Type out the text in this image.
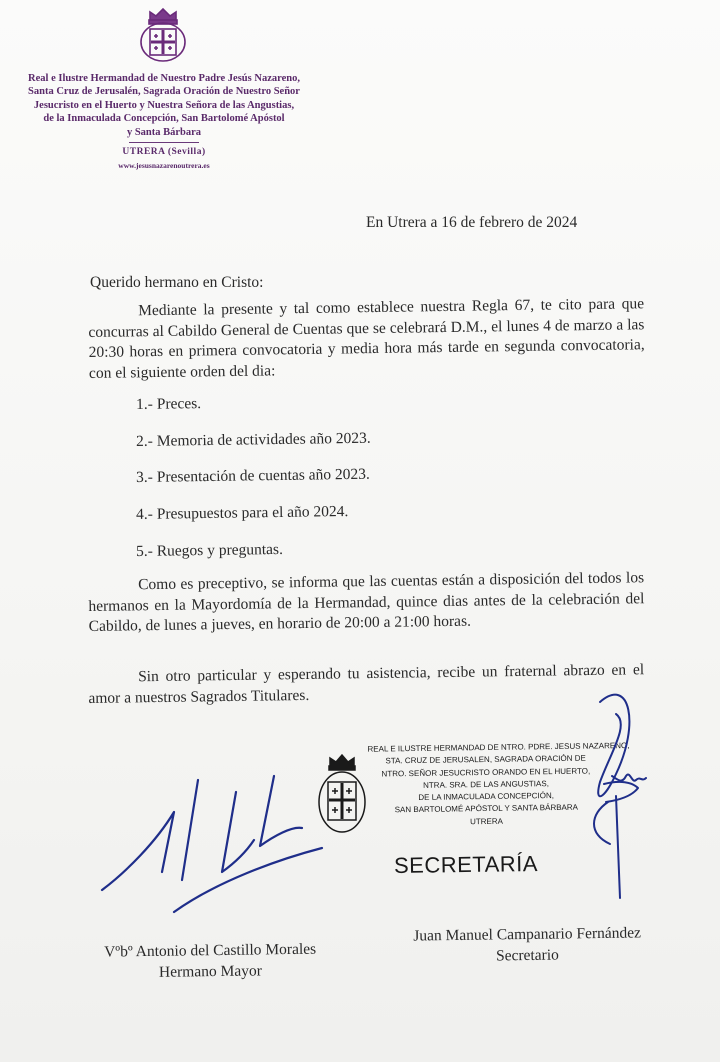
Real e Ilustre Hermandad de Nuestro Padre Jesús Nazareno,
Santa Cruz de Jerusalén, Sagrada Oración de Nuestro Señor
Jesucristo en el Huerto y Nuestra Señora de las Angustias,
de la Inmaculada Concepción, San Bartolomé Apóstol
y Santa Bárbara
UTRERA (Sevilla)
www.jesusnazarenoutrera.es
En Utrera a 16 de febrero de 2024
Querido hermano en Cristo:
Mediante la presente y tal como establece nuestra Regla 67, te cito para que concurras al Cabildo General de Cuentas que se celebrará D.M., el lunes 4 de marzo a las 20:30 horas en primera convocatoria y media hora más tarde en segunda convocatoria, con el siguiente orden del dia:
1.- Preces.
2.- Memoria de actividades año 2023.
3.- Presentación de cuentas año 2023.
4.- Presupuestos para el año 2024.
5.- Ruegos y preguntas.
Como es preceptivo, se informa que las cuentas están a disposición del todos los hermanos en la Mayordomía de la Hermandad, quince dias antes de la celebración del Cabildo, de lunes a jueves, en horario de 20:00 a 21:00 horas.
Sin otro particular y esperando tu asistencia, recibe un fraternal abrazo en el amor a nuestros Sagrados Titulares.
REAL E ILUSTRE HERMANDAD DE NTRO. PDRE. JESUS NAZARENO,
STA. CRUZ DE JERUSALEN, SAGRADA ORACIÓN DE
NTRO. SEÑOR JESUCRISTO ORANDO EN EL HUERTO,
NTRA. SRA. DE LAS ANGUSTIAS,
DE LA INMACULADA CONCEPCIÓN,
SAN BARTOLOMÉ APÓSTOL Y SANTA BÁRBARA
UTRERA
SECRETARÍA
Vºbº Antonio del Castillo Morales
Hermano Mayor
Juan Manuel Campanario Fernández
Secretario
